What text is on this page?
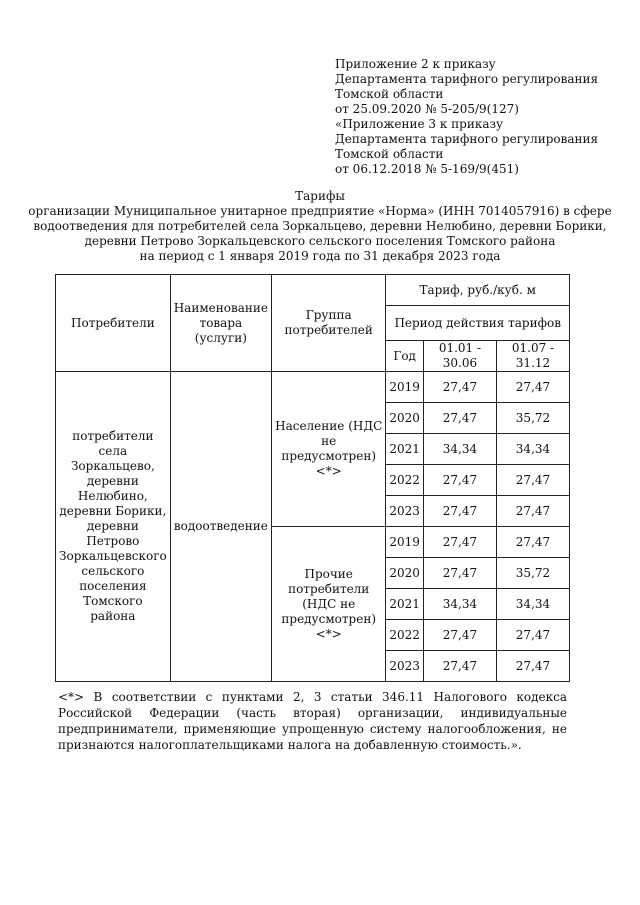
Приложение 2 к приказу
Департамента тарифного регулирования
Томской области
от 25.09.2020 № 5-205/9(127)
«Приложение 3 к приказу
Департамента тарифного регулирования
Томской области
от 06.12.2018 № 5-169/9(451)
Тарифы
организации Муниципальное унитарное предприятие «Норма» (ИНН 7014057916) в сфере
водоотведения для потребителей села Зоркальцево, деревни Нелюбино, деревни Борики,
деревни Петрово Зоркальцевского сельского поселения Томского района
на период с 1 января 2019 года по 31 декабря 2023 года
Потребители	Наименование товара (услуги)	Группа потребителей	Тариф, руб./куб. м		
			Период действия тарифов		
			Год	01.01 - 30.06	01.07 - 31.12
потребители села Зоркальцево, деревни Нелюбино, деревни Борики, деревни Петрово Зоркальцевского сельского поселения Томского района	водоотведение	Население (НДС не предусмотрен) <*>	2019	27,47	27,47
			2020	27,47	35,72
			2021	34,34	34,34
			2022	27,47	27,47
			2023	27,47	27,47
		Прочие потребители (НДС не предусмотрен) <*>	2019	27,47	27,47
			2020	27,47	35,72
			2021	34,34	34,34
			2022	27,47	27,47
			2023	27,47	27,47
<*> В соответствии с пунктами 2, 3 статьи 346.11 Налогового кодекса Российской Федерации (часть вторая) организации, индивидуальные предприниматели, применяющие упрощенную систему налогообложения, не признаются налогоплательщиками налога на добавленную стоимость.».
